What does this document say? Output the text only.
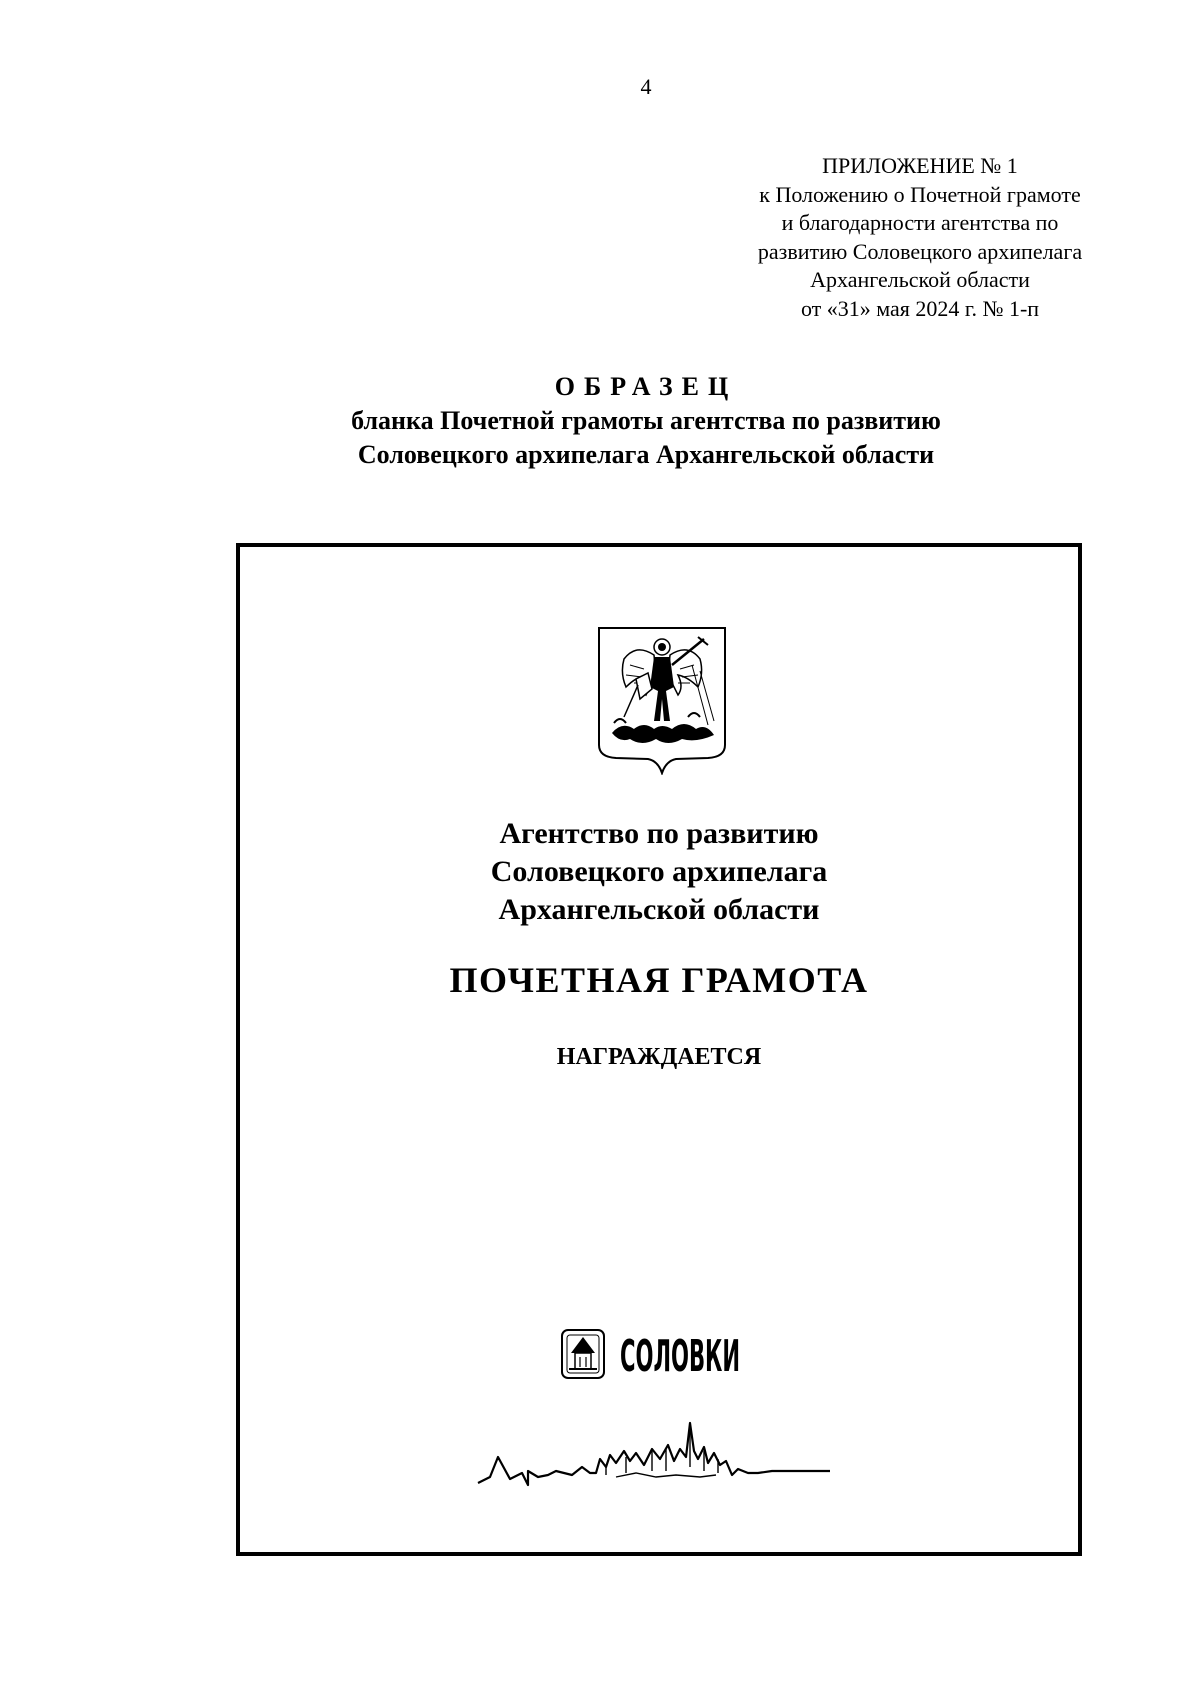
4
ПРИЛОЖЕНИЕ № 1
к Положению о Почетной грамоте
и благодарности агентства по
развитию Соловецкого архипелага
Архангельской области
от «31» мая 2024 г. № 1-п
ОБРАЗЕЦ
бланка Почетной грамоты агентства по развитию
Соловецкого архипелага Архангельской области
Агентство по развитию
Соловецкого архипелага
Архангельской области
ПОЧЕТНАЯ ГРАМОТА
НАГРАЖДАЕТСЯ
СОЛОВКИ
